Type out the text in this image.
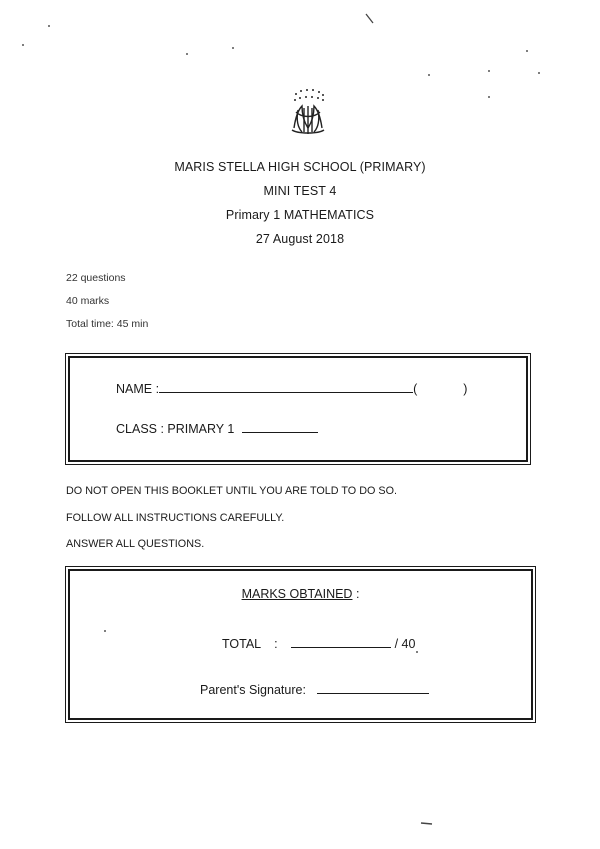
MARIS STELLA HIGH SCHOOL (PRIMARY)
MINI TEST 4
Primary 1 MATHEMATICS
27 August 2018
22 questions
40 marks
Total time: 45 min
NAME :	(	)
CLASS : PRIMARY 1
DO NOT OPEN THIS BOOKLET UNTIL YOU ARE TOLD TO DO SO.
FOLLOW ALL INSTRUCTIONS CAREFULLY.
ANSWER ALL QUESTIONS.
MARKS OBTAINED :
TOTAL :	/ 40
Parent's Signature:
